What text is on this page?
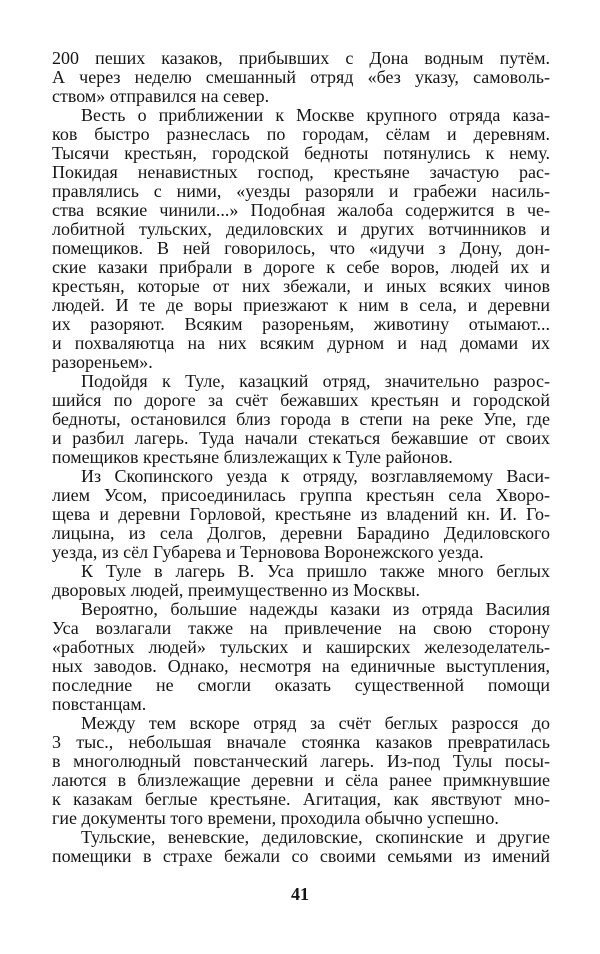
200 пеших казаков, прибывших с Дона водным путём.
А через неделю смешанный отряд «без указу, самоволь-
ством» отправился на север.
Весть о приближении к Москве крупного отряда каза-
ков быстро разнеслась по городам, сёлам и деревням.
Тысячи крестьян, городской бедноты потянулись к нему.
Покидая ненавистных господ, крестьяне зачастую рас-
правлялись с ними, «уезды разоряли и грабежи насиль-
ства всякие чинили...» Подобная жалоба содержится в че-
лобитной тульских, дедиловских и других вотчинников и
помещиков. В ней говорилось, что «идучи з Дону, дон-
ские казаки прибрали в дороге к себе воров, людей их и
крестьян, которые от них збежали, и иных всяких чинов
людей. И те де воры приезжают к ним в села, и деревни
их разоряют. Всяким разореньям, животину отымают...
и похваляютца на них всяким дурном и над домами их
разореньем».
Подойдя к Туле, казацкий отряд, значительно разрос-
шийся по дороге за счёт бежавших крестьян и городской
бедноты, остановился близ города в степи на реке Упе, где
и разбил лагерь. Туда начали стекаться бежавшие от своих
помещиков крестьяне близлежащих к Туле районов.
Из Скопинского уезда к отряду, возглавляемому Васи-
лием Усом, присоединилась группа крестьян села Хворо-
щева и деревни Горловой, крестьяне из владений кн. И. Го-
лицына, из села Долгов, деревни Барадино Дедиловского
уезда, из сёл Губарева и Терновова Воронежского уезда.
К Туле в лагерь В. Уса пришло также много беглых
дворовых людей, преимущественно из Москвы.
Вероятно, большие надежды казаки из отряда Василия
Уса возлагали также на привлечение на свою сторону
«работных людей» тульских и каширских железоделатель-
ных заводов. Однако, несмотря на единичные выступления,
последние не смогли оказать существенной помощи
повстанцам.
Между тем вскоре отряд за счёт беглых разросся до
3 тыс., небольшая вначале стоянка казаков превратилась
в многолюдный повстанческий лагерь. Из-под Тулы посы-
лаются в близлежащие деревни и сёла ранее примкнувшие
к казакам беглые крестьяне. Агитация, как явствуют мно-
гие документы того времени, проходила обычно успешно.
Тульские, веневские, дедиловские, скопинские и другие
помещики в страхе бежали со своими семьями из имений
41
